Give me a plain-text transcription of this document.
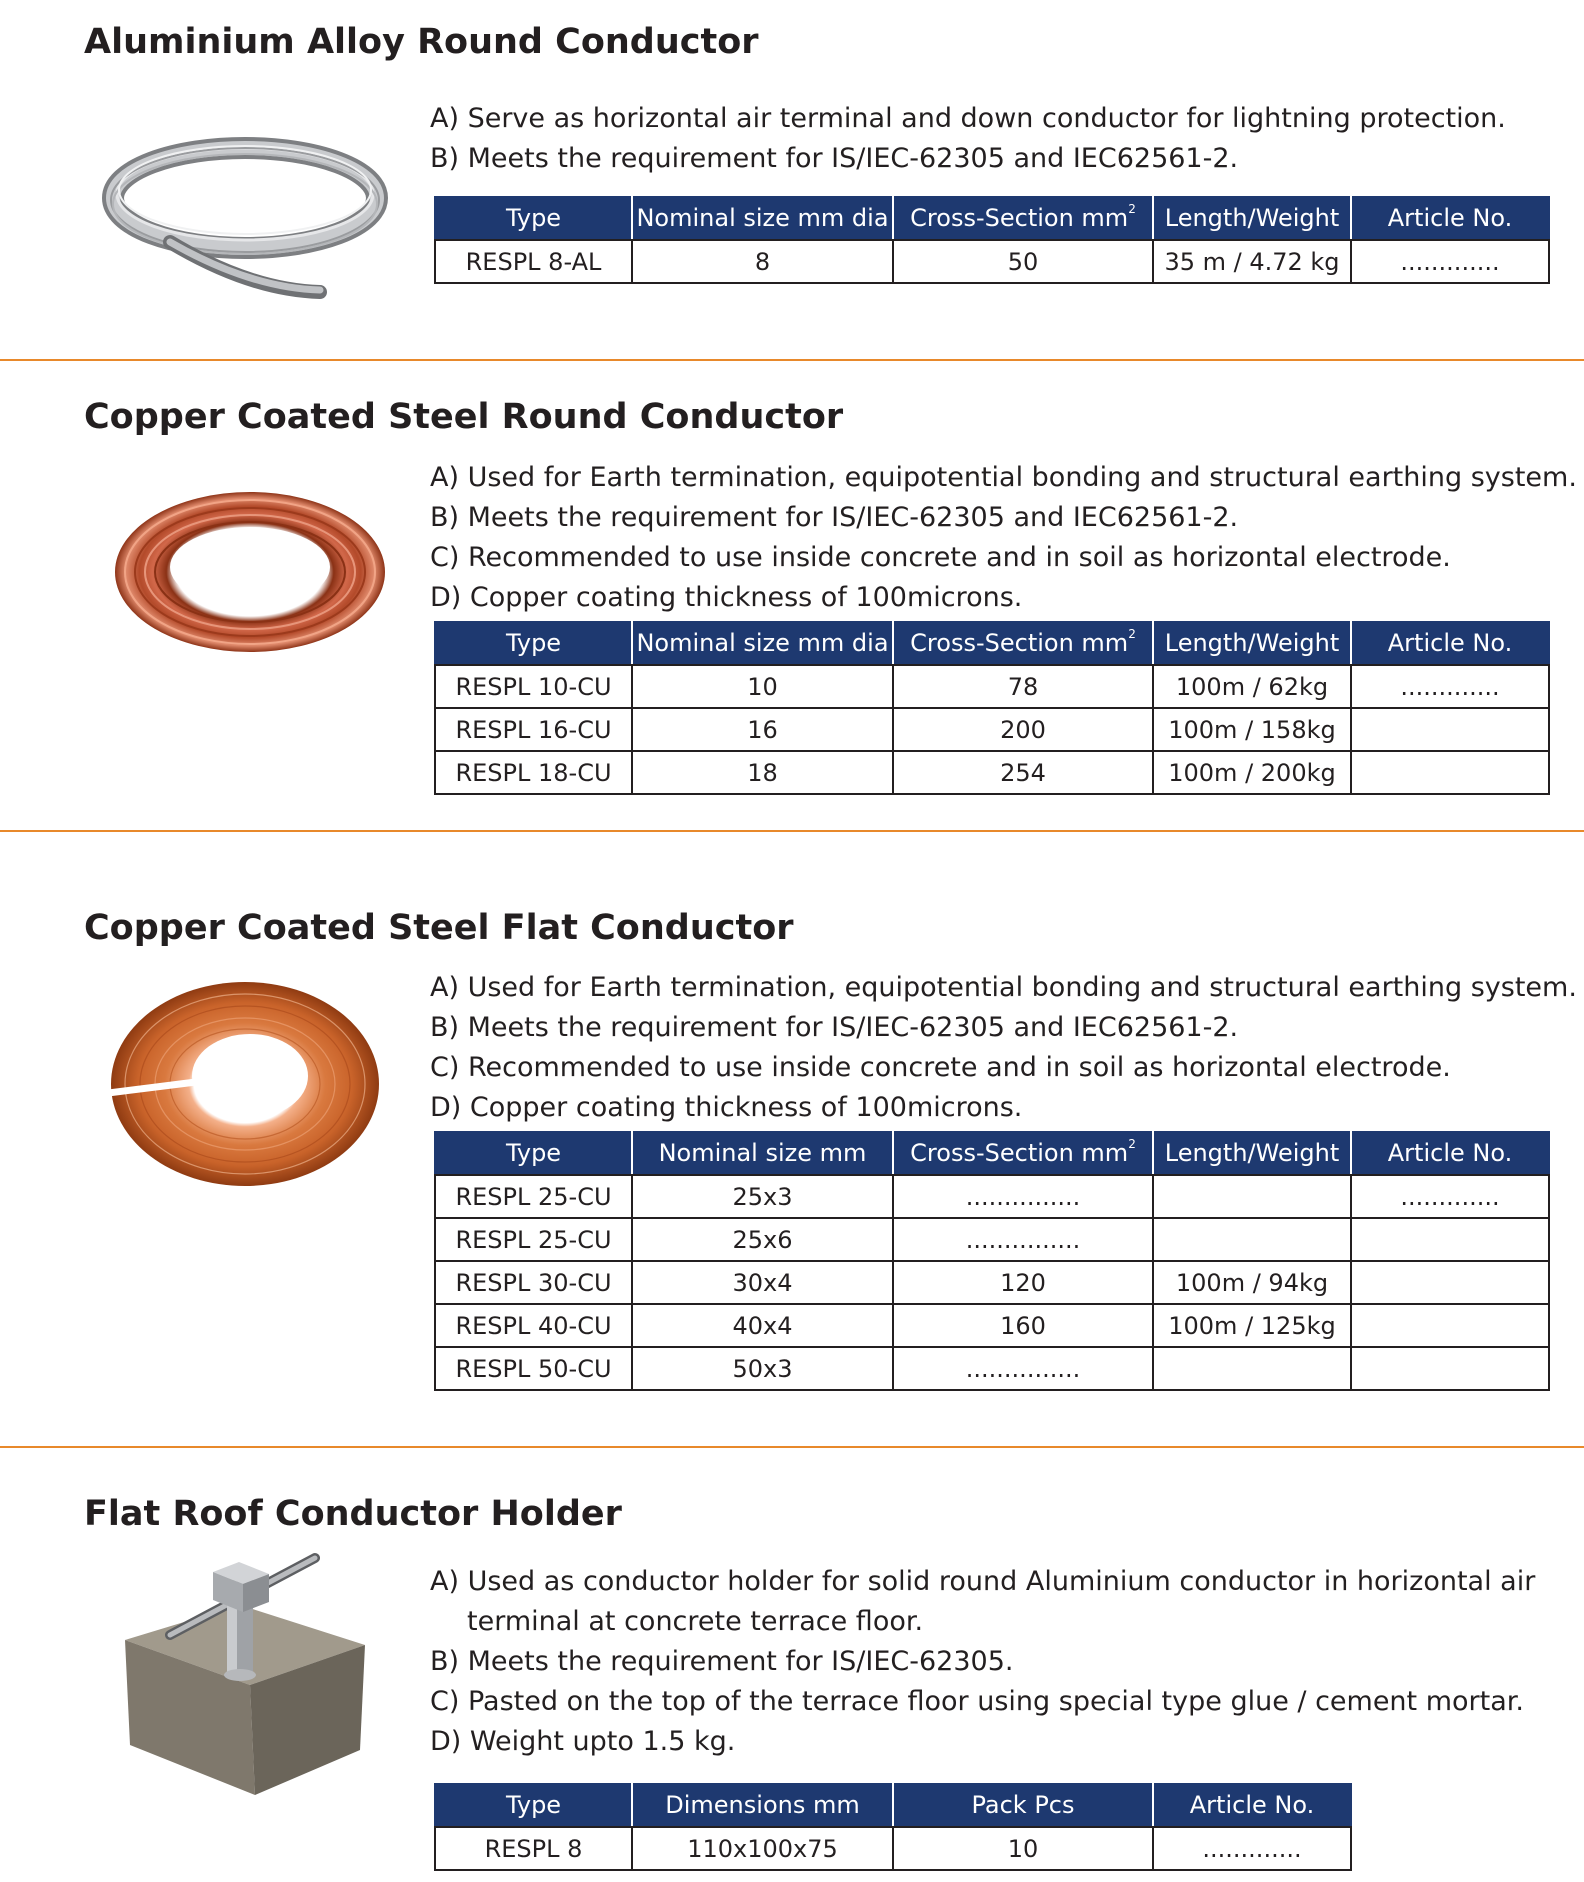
Aluminium Alloy Round Conductor
A) Serve as horizontal air terminal and down conductor for lightning protection.
B) Meets the requirement for IS/IEC-62305 and IEC62561-2.
Type	Nominal size mm dia	Cross-Section $mm^2$	Length/Weight	Article No.
RESPL 8-AL	8	50	35 m / 4.72 kg	.............
Copper Coated Steel Round Conductor
A) Used for Earth termination, equipotential bonding and structural earthing system.
B) Meets the requirement for IS/IEC-62305 and IEC62561-2.
C) Recommended to use inside concrete and in soil as horizontal electrode.
D) Copper coating thickness of 100microns.
Type	Nominal size mm dia	Cross-Section $mm^2$	Length/Weight	Article No.
RESPL 10-CU	10	78	100m / 62kg	.............
RESPL 16-CU	16	200	100m / 158kg	
RESPL 18-CU	18	254	100m / 200kg	
Copper Coated Steel Flat Conductor
A) Used for Earth termination, equipotential bonding and structural earthing system.
B) Meets the requirement for IS/IEC-62305 and IEC62561-2.
C) Recommended to use inside concrete and in soil as horizontal electrode.
D) Copper coating thickness of 100microns.
Type	Nominal size mm	Cross-Section $mm^2$	Length/Weight	Article No.
RESPL 25-CU	25x3	...............		.............
RESPL 25-CU	25x6	...............		
RESPL 30-CU	30x4	120	100m / 94kg	
RESPL 40-CU	40x4	160	100m / 125kg	
RESPL 50-CU	50x3	...............		
Flat Roof Conductor Holder
A) Used as conductor holder for solid round Aluminium conductor in horizontal air terminal at concrete terrace floor.
B) Meets the requirement for IS/IEC-62305.
C) Pasted on the top of the terrace floor using special type glue / cement mortar.
D) Weight upto 1.5 kg.
Type	Dimensions mm	Pack Pcs	Article No.
RESPL 8	110x100x75	10	.............
